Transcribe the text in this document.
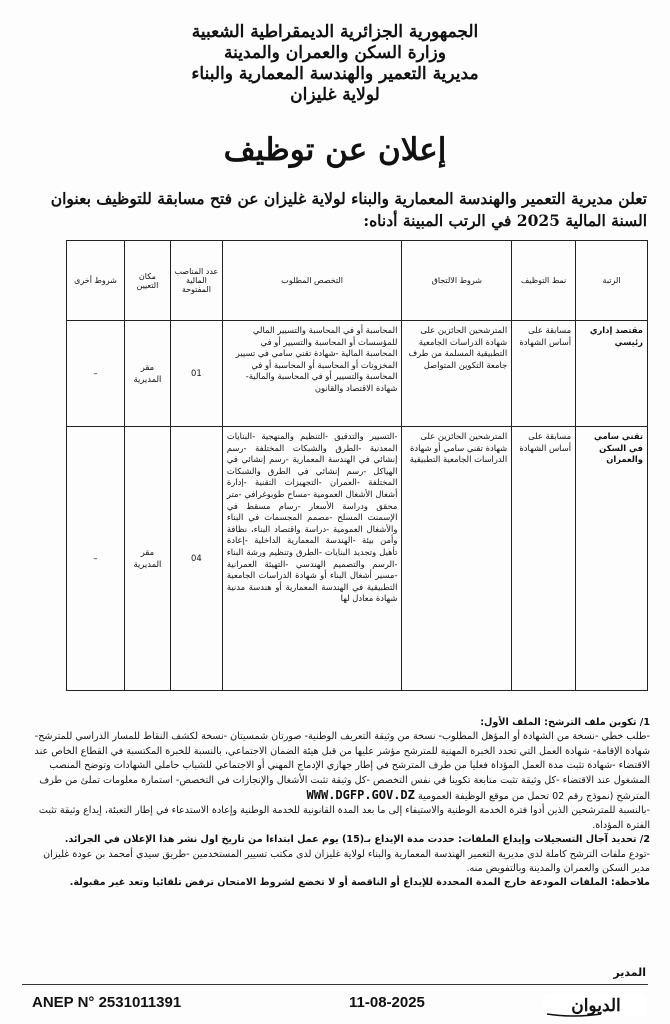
الجمهورية الجزائرية الديمقراطية الشعبية
وزارة السكن والعمران والمدينة
مديرية التعمير والهندسة المعمارية والبناء
لولاية غليزان
إعلان عن توظيف
تعلن مديرية التعمير والهندسة المعمارية والبناء لولاية غليزان عن فتح مسابقة للتوظيف بعنوان السنة المالية 2025 في الرتب المبينة أدناه:
الرتبة	نمط التوظيف	شروط الالتحاق	التخصص المطلوب	عدد المناصب المالية المفتوحة	مكان التعيين	شروط أخرى
مقتصد إداري رئيسي	مسابقة على أساس الشهادة	المترشحين الحائزين على شهادة الدراسات الجامعية التطبيقية المسلمة من طرف جامعة التكوين المتواصل	المحاسبة أو في المحاسبة والتسيير المالي للمؤسسات أو المحاسبة والتسيير أو في المحاسبة المالية -شهادة تقني سامي في تسيير المخزونات أو المحاسبة أو المحاسبة أو في المحاسبة والتسيير أو في المحاسبة والمالية- شهادة الاقتصاد والقانون	01	مقر المديرية	–
تقني سامي في السكن والعمران	مسابقة على أساس الشهادة	المترشحين الحائزين على شهادة تقني سامي أو شهادة الدراسات الجامعية التطبيقية	-التسيير والتدقيق -التنظيم والمنهجية -البنايات المعدنية -الطرق والشبكات المختلفة -رسم إنشائي في الهندسة المعمارية -رسم إنشائي في الهياكل -رسم إنشائي في الطرق والشبكات المختلفة -العمران -التجهيزات التقنية -إدارة أشغال الأشغال العمومية -مساح طوبوغرافي -متر محقق ودراسة الأسعار -رسام مسقط في الإسمنت المسلح -مصمم المجسمات في البناء والأشغال العمومية -دراسة واقتصاد البناء، نظافة وأمن بيئة -الهندسة المعمارية الداخلية -إعادة تأهيل وتجديد البنايات -الطرق وتنظيم ورشة البناء -الرسم والتصميم الهندسي -التهيئة العمرانية -مسير أشغال البناء أو شهادة الدراسات الجامعية التطبيقية في الهندسة المعمارية أو هندسة مدنية شهادة معادل لها	04	مقر المديرية	–

1/ تكوين ملف الترشح: الملف الأول:

-طلب خطي -نسخة من الشهادة أو المؤهل المطلوب- نسخة من وثيقة التعريف الوطنية- صورتان شمسيتان -نسخة لكشف النقاط للمسار الدراسي للمترشح- شهادة الإقامة- شهادة العمل التي تحدد الخبرة المهنية للمترشح مؤشر عليها من قبل هيئة الضمان الاجتماعي، بالنسبة للخبرة المكتسبة في القطاع الخاص عند الاقتضاء -شهادة تثبت مدة العمل المؤداة فعليا من طرف المترشح في إطار جهازي الإدماج المهني أو الاجتماعي للشباب حاملي الشهادات وتوضح المنصب المشغول عند الاقتضاء -كل وثيقة تثبت متابعة تكوينا في نفس التخصص -كل وثيقة تثبت الأشغال والإنجازات في التخصص- استمارة معلومات تملئ من طرف المترشح (نموذج رقم 02 تحمل من موقع الوظيفة العمومية WWW.DGFP.GOV.DZ

-بالنسبة للمترشحين الذين أدوا فترة الخدمة الوطنية والاستيفاء إلى ما بعد المدة القانونية للخدمة الوطنية وإعادة الاستدعاء في إطار التعبئة، إيداع وثيقة تثبت الفترة المؤداة.

2/ تحديد آجال التسجيلات وإيداع الملفات: حددت مدة الإيداع بـ(15) يوم عمل ابتداءا من تاريخ اول نشر هذا الإعلان في الجرائد.

-تودع ملفات الترشح كاملة لدى مديرية التعمير الهندسة المعمارية والبناء لولاية غليزان لدى مكتب تسيير المستخدمين -طريق سيدي أمحمد بن عودة غليزان مدير السكن والعمران والمدينة وبالتفويض منه.

ملاحظة: الملفات المودعة خارج المدة المحددة للإيداع أو الناقصة أو لا تخضع لشروط الامتحان ترفض تلقائيا وتعد غير مقبولة.

المدير
ANEP N° 2531011391	11-08-2025	الديوان
